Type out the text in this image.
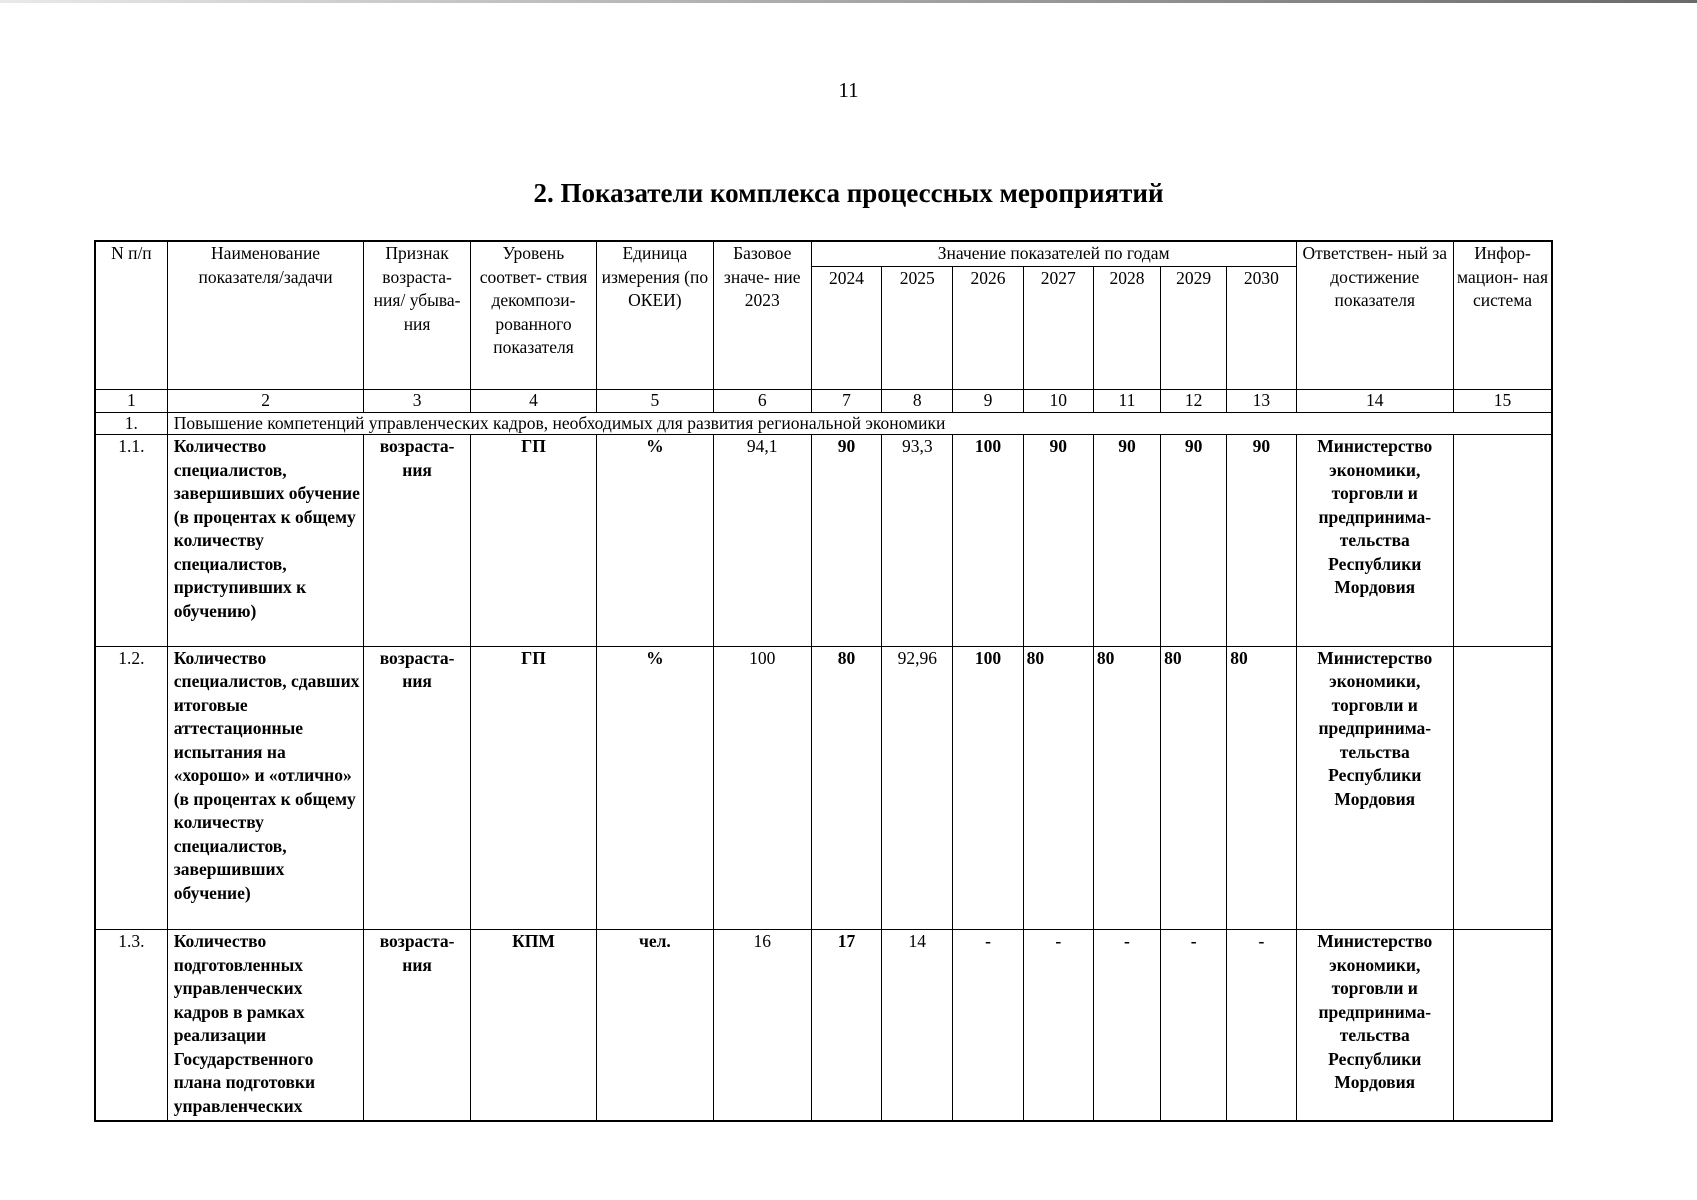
11
2. Показатели комплекса процессных мероприятий
N п/п	Наименование показателя/задачи	Признак возраста- ния/ убыва- ния	Уровень соответ- ствия декомпози- рованного показателя	Единица измерения (по ОКЕИ)	Базовое значе- ние 2023	Значение показателей по годам							Ответствен- ный за достижение показателя	Инфор- мацион- ная система
						2024	2025	2026	2027	2028	2029	2030		
1	2	3	4	5	6	7	8	9	10	11	12	13	14	15
1.	Повышение компетенций управленческих кадров, необходимых для развития региональной экономики													
1.1.	Количество специалистов, завершивших обучение (в процентах к общему количеству специалистов, приступивших к обучению)	возраста- ния	ГП	%	94,1	90	93,3	100	90	90	90	90	Министерство экономики, торговли и предпринима- тельства Республики Мордовия	
1.2.	Количество специалистов, сдавших итоговые аттестационные испытания на «хорошо» и «отлично» (в процентах к общему количеству специалистов, завершивших обучение)	возраста- ния	ГП	%	100	80	92,96	100	80	80	80	80	Министерство экономики, торговли и предпринима- тельства Республики Мордовия	
1.3.	Количество подготовленных управленческих кадров в рамках реализации Государственного плана подготовки управленческих	возраста- ния	КПМ	чел.	16	17	14	-	-	-	-	-	Министерство экономики, торговли и предпринима- тельства Республики Мордовия	
